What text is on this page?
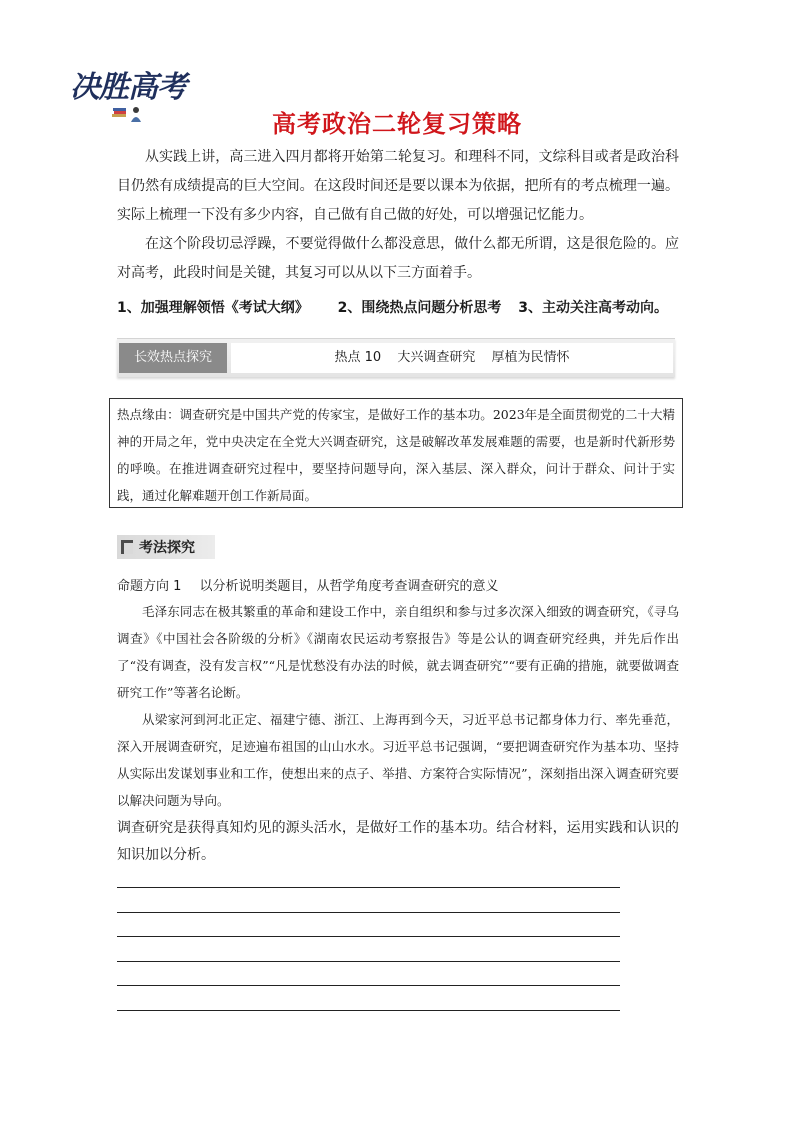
决胜高考
高考政治二轮复习策略

从实践上讲，高三进入四月都将开始第二轮复习。和理科不同，文综科目或者是政治科目仍然有成绩提高的巨大空间。在这段时间还是要以课本为依据，把所有的考点梳理一遍。实际上梳理一下没有多少内容，自己做有自己做的好处，可以增强记忆能力。

在这个阶段切忌浮躁，不要觉得做什么都没意思，做什么都无所谓，这是很危险的。应对高考，此段时间是关键，其复习可以从以下三方面着手。

1、加强理解领悟《考试大纲》 2、围绕热点问题分析思考 3、主动关注高考动向。
长效热点探究	热点 10 大兴调查研究 厚植为民情怀
热点缘由：调查研究是中国共产党的传家宝，是做好工作的基本功。2023年是全面贯彻党的二十大精神的开局之年，党中央决定在全党大兴调查研究，这是破解改革发展难题的需要，也是新时代新形势的呼唤。在推进调查研究过程中，要坚持问题导向，深入基层、深入群众，问计于群众、问计于实践，通过化解难题开创工作新局面。
考法探究
命题方向 1 以分析说明类题目，从哲学角度考查调查研究的意义

毛泽东同志在极其繁重的革命和建设工作中，亲自组织和参与过多次深入细致的调查研究，《寻乌调查》《中国社会各阶级的分析》《湖南农民运动考察报告》等是公认的调查研究经典，并先后作出了“没有调查，没有发言权”“凡是忧愁没有办法的时候，就去调查研究”“要有正确的措施，就要做调查研究工作”等著名论断。

从梁家河到河北正定、福建宁德、浙江、上海再到今天，习近平总书记都身体力行、率先垂范，深入开展调查研究，足迹遍布祖国的山山水水。习近平总书记强调，“要把调查研究作为基本功、坚持从实际出发谋划事业和工作，使想出来的点子、举措、方案符合实际情况”，深刻指出深入调查研究要以解决问题为导向。

调查研究是获得真知灼见的源头活水，是做好工作的基本功。结合材料，运用实践和认识的知识加以分析。
